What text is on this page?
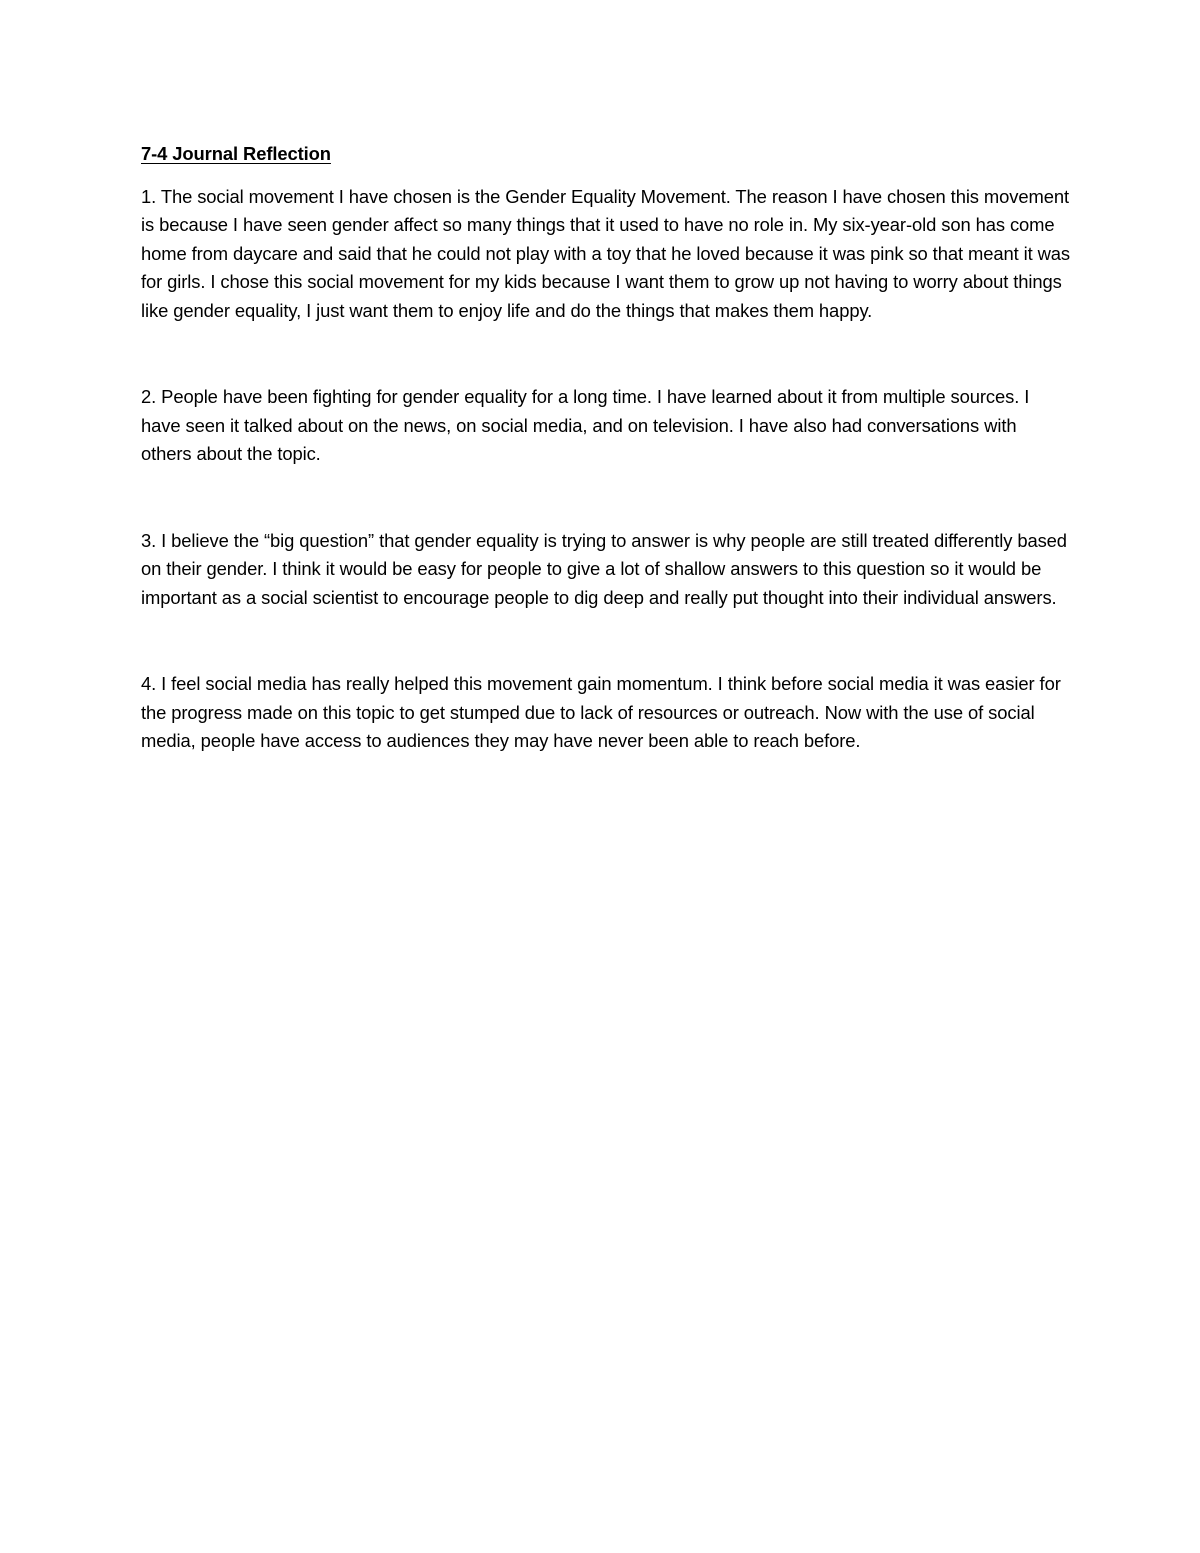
7-4 Journal Reflection

1. The social movement I have chosen is the Gender Equality Movement. The reason I have chosen this movement is because I have seen gender affect so many things that it used to have no role in. My six-year-old son has come home from daycare and said that he could not play with a toy that he loved because it was pink so that meant it was for girls. I chose this social movement for my kids because I want them to grow up not having to worry about things like gender equality, I just want them to enjoy life and do the things that makes them happy.

2. People have been fighting for gender equality for a long time. I have learned about it from multiple sources. I have seen it talked about on the news, on social media, and on television. I have also had conversations with others about the topic.

3. I believe the “big question” that gender equality is trying to answer is why people are still treated differently based on their gender. I think it would be easy for people to give a lot of shallow answers to this question so it would be important as a social scientist to encourage people to dig deep and really put thought into their individual answers.

4. I feel social media has really helped this movement gain momentum. I think before social media it was easier for the progress made on this topic to get stumped due to lack of resources or outreach. Now with the use of social media, people have access to audiences they may have never been able to reach before.
